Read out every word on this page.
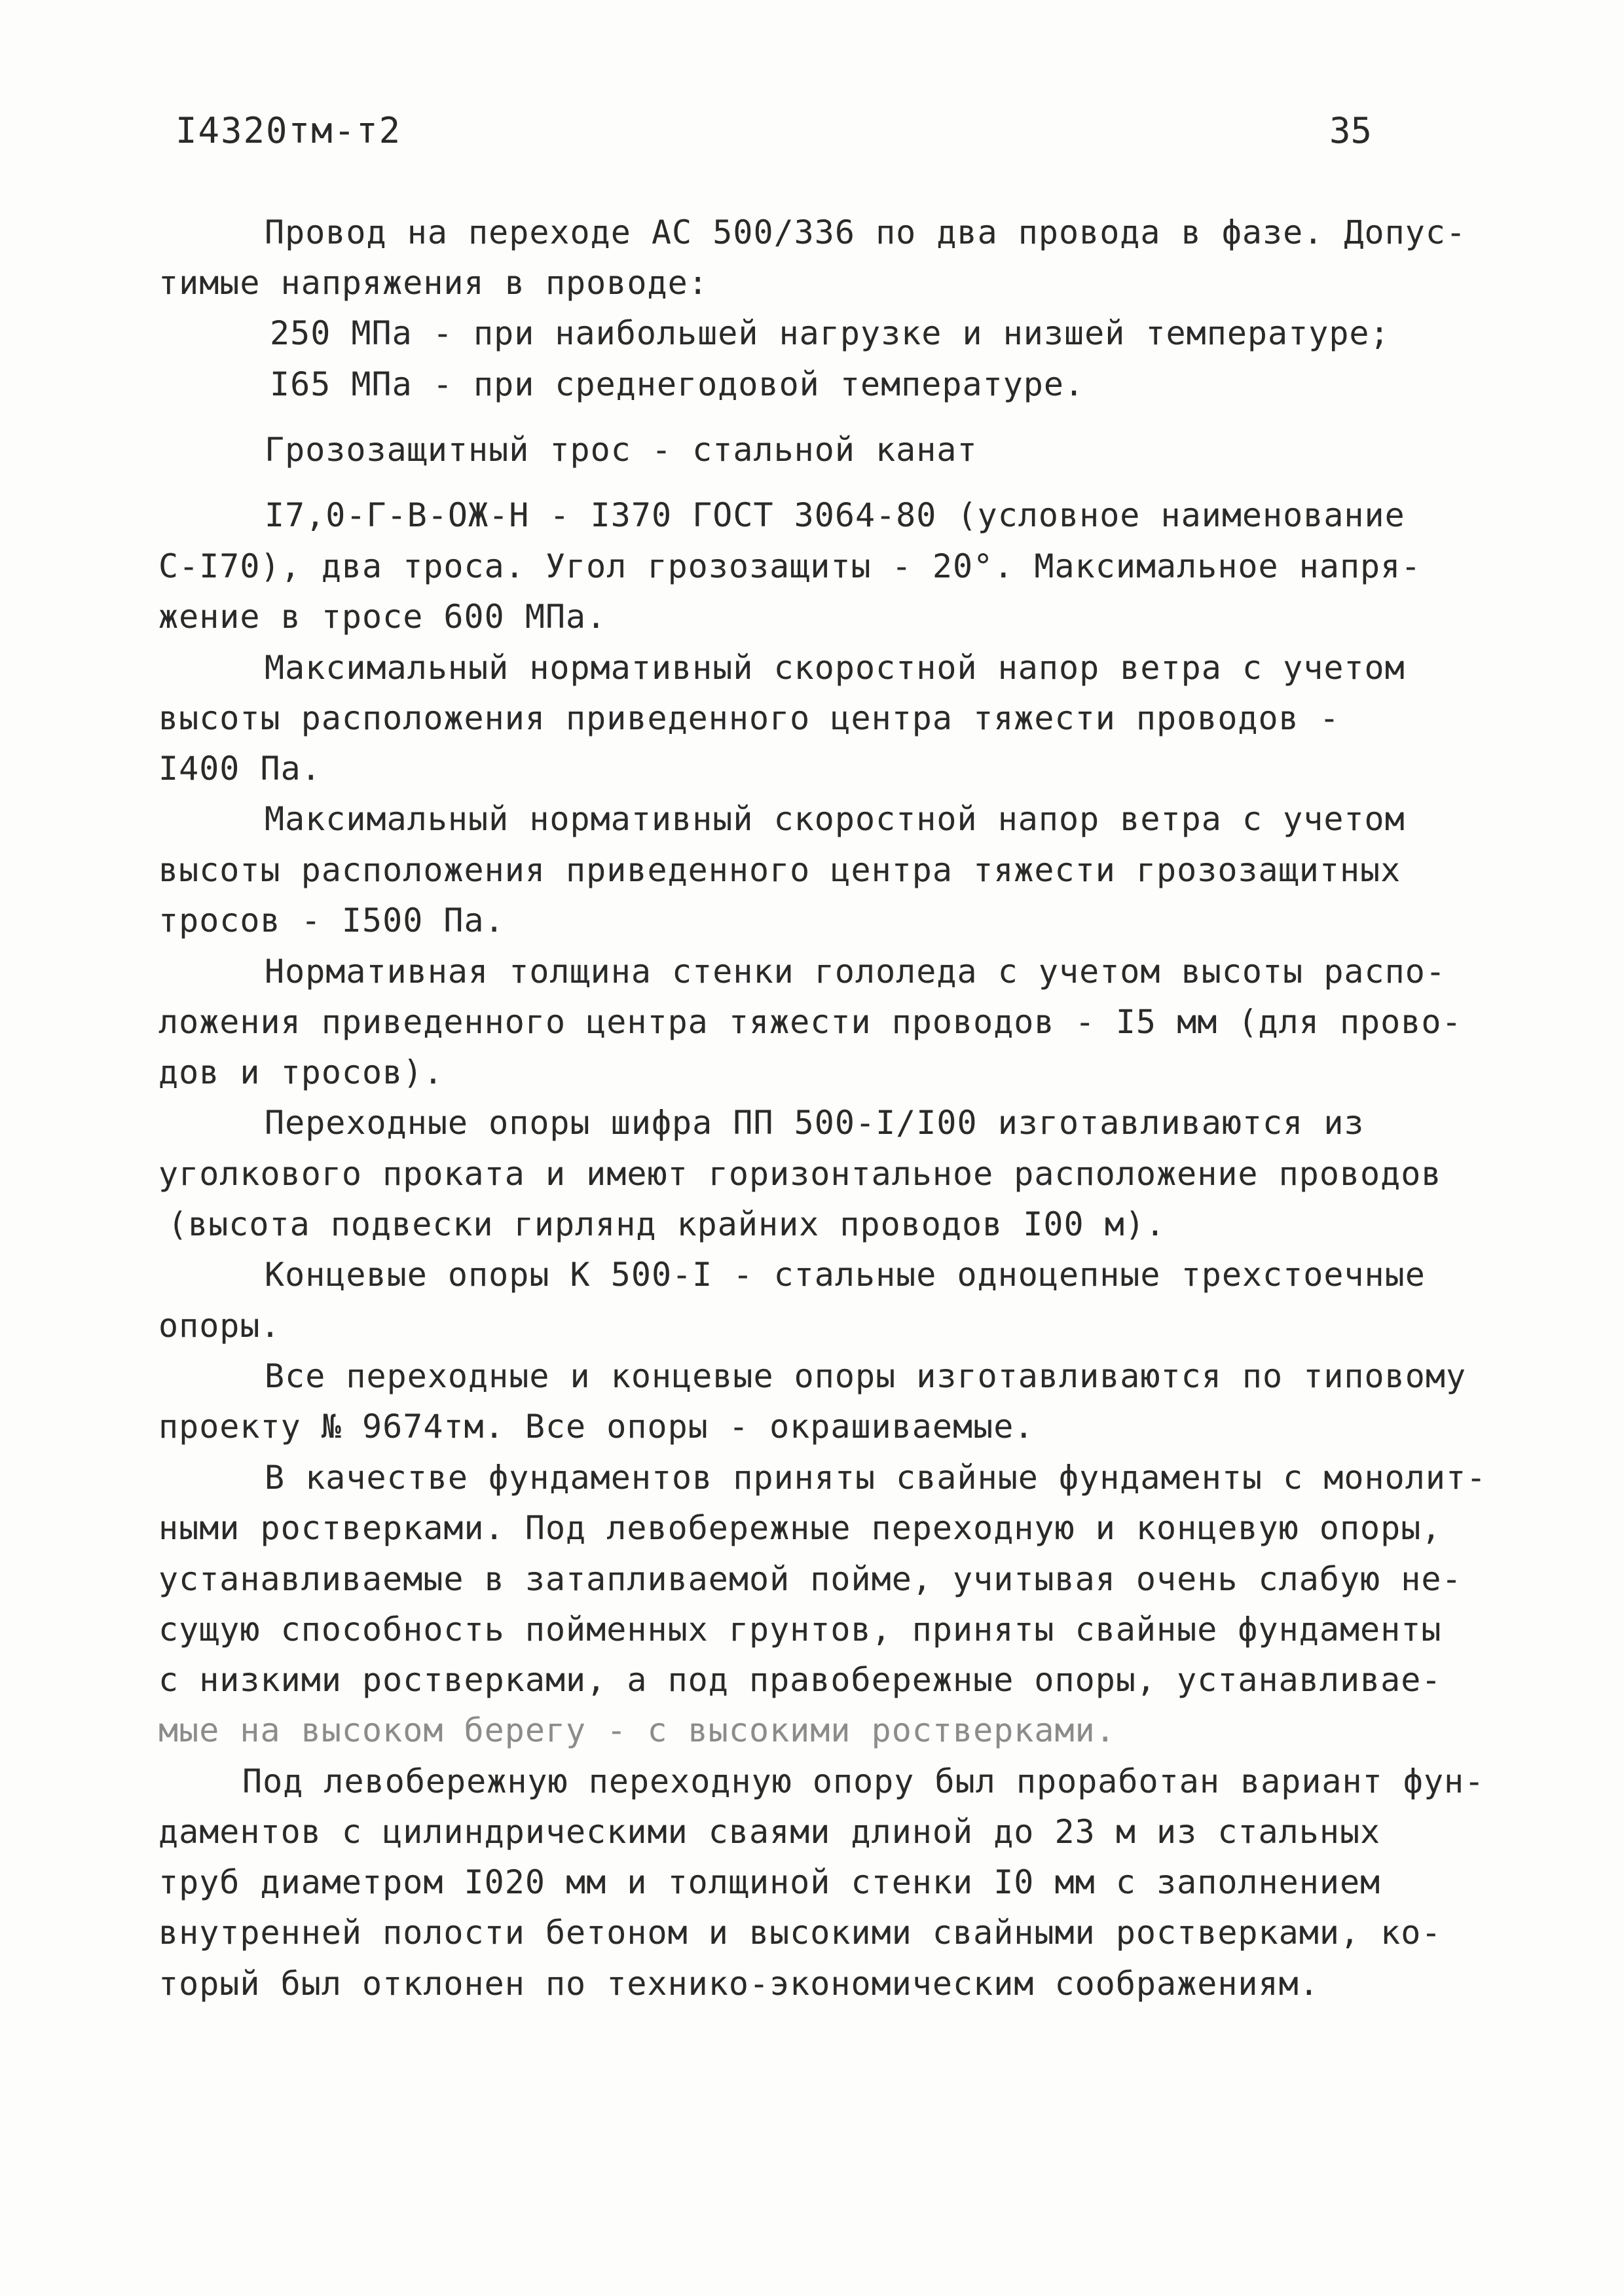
I4320тм-т2	35
Провод на переходе АС 500/336 по два провода в фазе. Допус-
тимые напряжения в проводе:
250 МПа - при наибольшей нагрузке и низшей температуре;
I65 МПа - при среднегодовой температуре.
Грозозащитный трос - стальной канат
I7,0-Г-В-ОЖ-Н - I370 ГОСТ 3064-80 (условное наименование
С-I70), два троса. Угол грозозащиты - 20°. Максимальное напря-
жение в тросе 600 МПа.
Максимальный нормативный скоростной напор ветра с учетом
высоты расположения приведенного центра тяжести проводов -
I400 Па.
Максимальный нормативный скоростной напор ветра с учетом
высоты расположения приведенного центра тяжести грозозащитных
тросов - I500 Па.
Нормативная толщина стенки гололеда с учетом высоты распо-
ложения приведенного центра тяжести проводов - I5 мм (для прово-
дов и тросов).
Переходные опоры шифра ПП 500-I/I00 изготавливаются из
уголкового проката и имеют горизонтальное расположение проводов
(высота подвески гирлянд крайних проводов I00 м).
Концевые опоры К 500-I - стальные одноцепные трехстоечные
опоры.
Все переходные и концевые опоры изготавливаются по типовому
проекту № 9674тм. Все опоры - окрашиваемые.
В качестве фундаментов приняты свайные фундаменты с монолит-
ными ростверками. Под левобережные переходную и концевую опоры,
устанавливаемые в затапливаемой пойме, учитывая очень слабую не-
сущую способность пойменных грунтов, приняты свайные фундаменты
с низкими ростверками, а под правобережные опоры, устанавливае-
мые на высоком берегу - с высокими ростверками.
Под левобережную переходную опору был проработан вариант фун-
даментов с цилиндрическими сваями длиной до 23 м из стальных
труб диаметром I020 мм и толщиной стенки I0 мм с заполнением
внутренней полости бетоном и высокими свайными ростверками, ко-
торый был отклонен по технико-экономическим соображениям.
